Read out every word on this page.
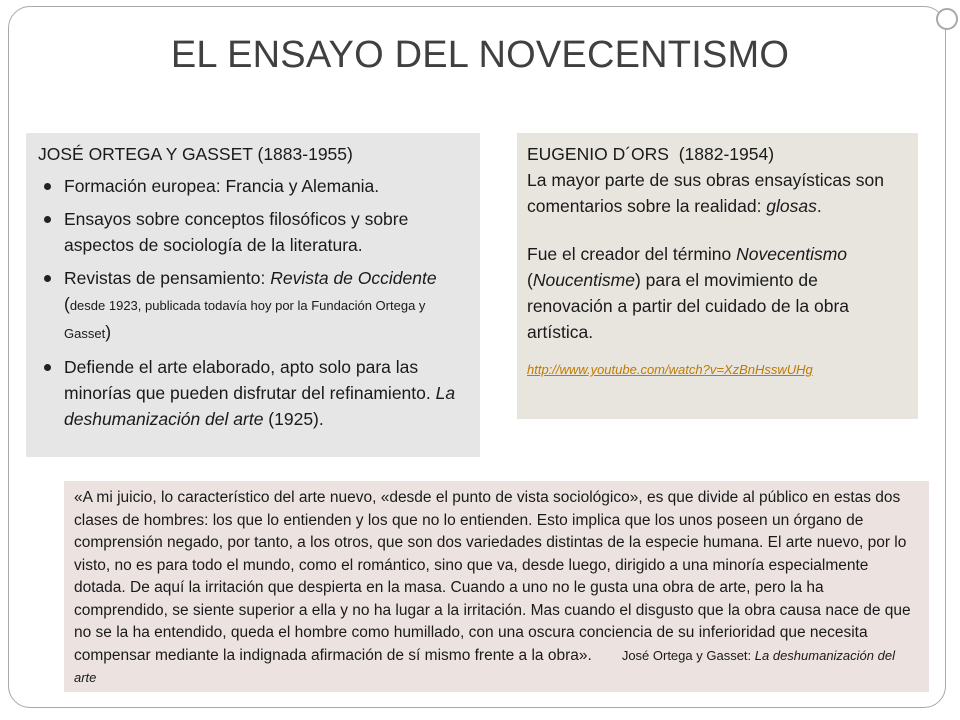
EL ENSAYO DEL NOVECENTISMO

JOSÉ ORTEGA Y GASSET (1883-1955)

Formación europea: Francia y Alemania.
Ensayos sobre conceptos filosóficos y sobre aspectos de sociología de la literatura.
Revistas de pensamiento: Revista de Occidente (desde 1923, publicada todavía hoy por la Fundación Ortega y Gasset)
Defiende el arte elaborado, apto solo para las minorías que pueden disfrutar del refinamiento. La deshumanización del arte (1925).

EUGENIO D´ORS (1882-1954)

La mayor parte de sus obras ensayísticas son comentarios sobre la realidad: glosas.

Fue el creador del término Novecentismo (Noucentisme) para el movimiento de renovación a partir del cuidado de la obra artística.

http://www.youtube.com/watch?v=XzBnHsswUHg
«A mi juicio, lo característico del arte nuevo, «desde el punto de vista sociológico», es que divide al público en estas dos clases de hombres: los que lo entienden y los que no lo entienden. Esto implica que los unos poseen un órgano de comprensión negado, por tanto, a los otros, que son dos variedades distintas de la especie humana. El arte nuevo, por lo visto, no es para todo el mundo, como el romántico, sino que va, desde luego, dirigido a una minoría especialmente dotada. De aquí la irritación que despierta en la masa. Cuando a uno no le gusta una obra de arte, pero la ha comprendido, se siente superior a ella y no ha lugar a la irritación. Mas cuando el disgusto que la obra causa nace de que no se la ha entendido, queda el hombre como humillado, con una oscura conciencia de su inferioridad que necesita compensar mediante la indignada afirmación de sí mismo frente a la obra». José Ortega y Gasset: La deshumanización del arte
